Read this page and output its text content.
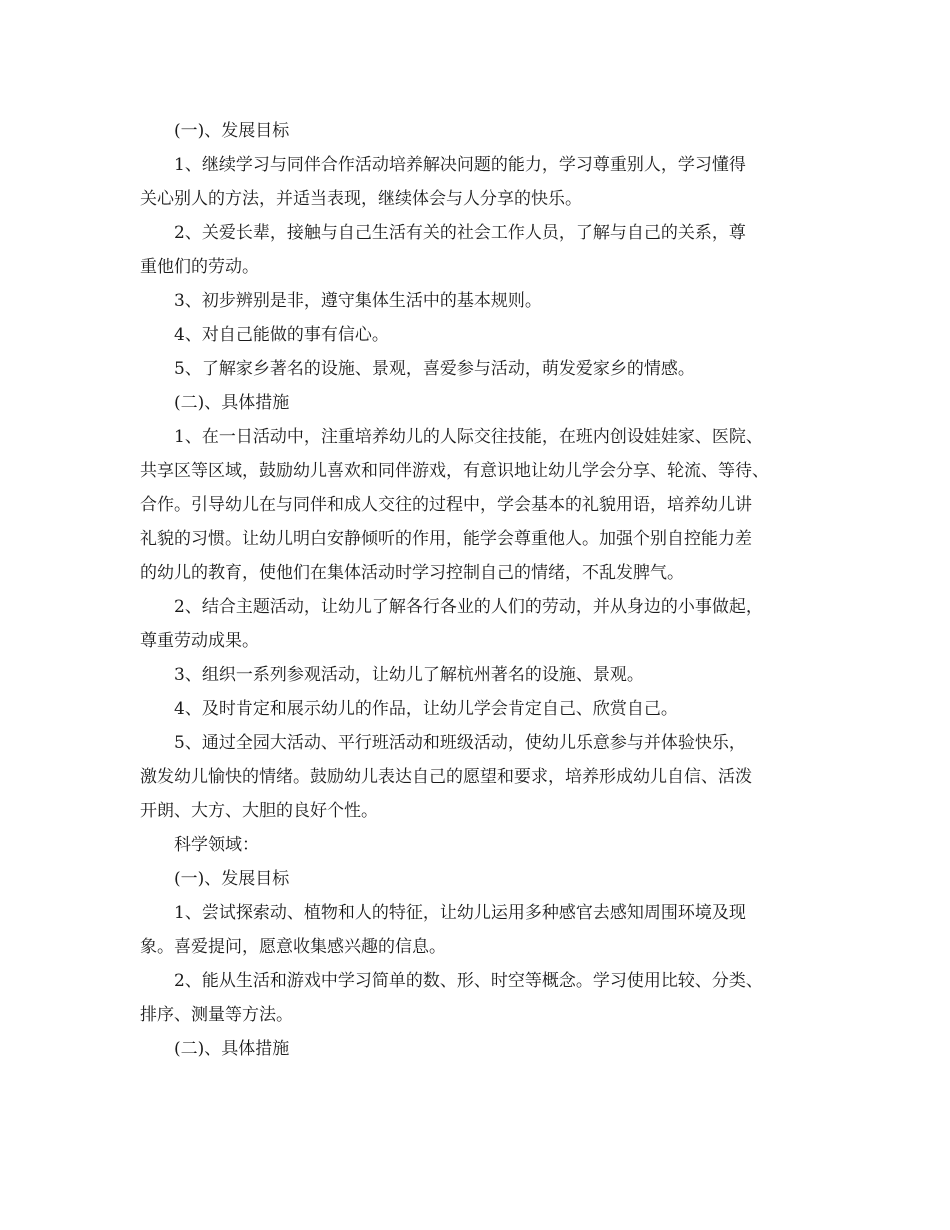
(一)、发展目标
1、继续学习与同伴合作活动培养解决问题的能力，学习尊重别人，学习懂得
关心别人的方法，并适当表现，继续体会与人分享的快乐。
2、关爱长辈，接触与自己生活有关的社会工作人员，了解与自己的关系，尊
重他们的劳动。
3、初步辨别是非，遵守集体生活中的基本规则。
4、对自己能做的事有信心。
5、了解家乡著名的设施、景观，喜爱参与活动，萌发爱家乡的情感。
(二)、具体措施
1、在一日活动中，注重培养幼儿的人际交往技能，在班内创设娃娃家、医院、
共享区等区域，鼓励幼儿喜欢和同伴游戏，有意识地让幼儿学会分享、轮流、等待、
合作。引导幼儿在与同伴和成人交往的过程中，学会基本的礼貌用语，培养幼儿讲
礼貌的习惯。让幼儿明白安静倾听的作用，能学会尊重他人。加强个别自控能力差
的幼儿的教育，使他们在集体活动时学习控制自己的情绪，不乱发脾气。
2、结合主题活动，让幼儿了解各行各业的人们的劳动，并从身边的小事做起，
尊重劳动成果。
3、组织一系列参观活动，让幼儿了解杭州著名的设施、景观。
4、及时肯定和展示幼儿的作品，让幼儿学会肯定自己、欣赏自己。
5、通过全园大活动、平行班活动和班级活动，使幼儿乐意参与并体验快乐，
激发幼儿愉快的情绪。鼓励幼儿表达自己的愿望和要求，培养形成幼儿自信、活泼
开朗、大方、大胆的良好个性。
科学领域：
(一)、发展目标
1、尝试探索动、植物和人的特征，让幼儿运用多种感官去感知周围环境及现
象。喜爱提问，愿意收集感兴趣的信息。
2、能从生活和游戏中学习简单的数、形、时空等概念。学习使用比较、分类、
排序、测量等方法。
(二)、具体措施
